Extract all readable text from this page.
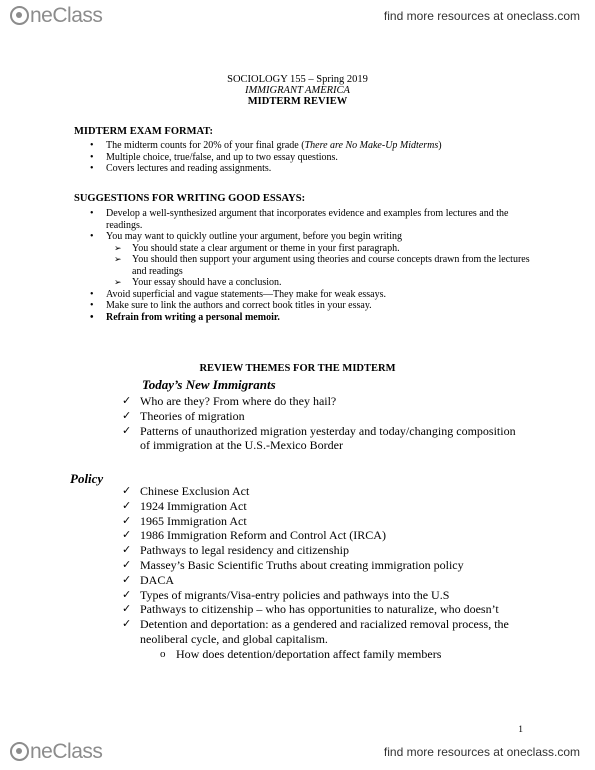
neClass	find more resources at oneclass.com
SOCIOLOGY 155 – Spring 2019
IMMIGRANT AMERICA
MIDTERM REVIEW
MIDTERM EXAM FORMAT:
• The midterm counts for 20% of your final grade (There are No Make-Up Midterms)
• Multiple choice, true/false, and up to two essay questions.
• Covers lectures and reading assignments.
SUGGESTIONS FOR WRITING GOOD ESSAYS:
• Develop a well-synthesized argument that incorporates evidence and examples from lectures and the readings.
• You may want to quickly outline your argument, before you begin writing
➢ You should state a clear argument or theme in your first paragraph.
➢ You should then support your argument using theories and course concepts drawn from the lectures and readings
➢ Your essay should have a conclusion.
• Avoid superficial and vague statements—They make for weak essays.
• Make sure to link the authors and correct book titles in your essay.
• Refrain from writing a personal memoir.
REVIEW THEMES FOR THE MIDTERM
Today’s New Immigrants
✓ Who are they? From where do they hail?
✓ Theories of migration
✓ Patterns of unauthorized migration yesterday and today/changing composition of immigration at the U.S.-Mexico Border
Policy
✓ Chinese Exclusion Act
✓ 1924 Immigration Act
✓ 1965 Immigration Act
✓ 1986 Immigration Reform and Control Act (IRCA)
✓ Pathways to legal residency and citizenship
✓ Massey’s Basic Scientific Truths about creating immigration policy
✓ DACA
✓ Types of migrants/Visa-entry policies and pathways into the U.S
✓ Pathways to citizenship – who has opportunities to naturalize, who doesn’t
✓ Detention and deportation: as a gendered and racialized removal process, the neoliberal cycle, and global capitalism.
o How does detention/deportation affect family members
1
neClass	find more resources at oneclass.com
